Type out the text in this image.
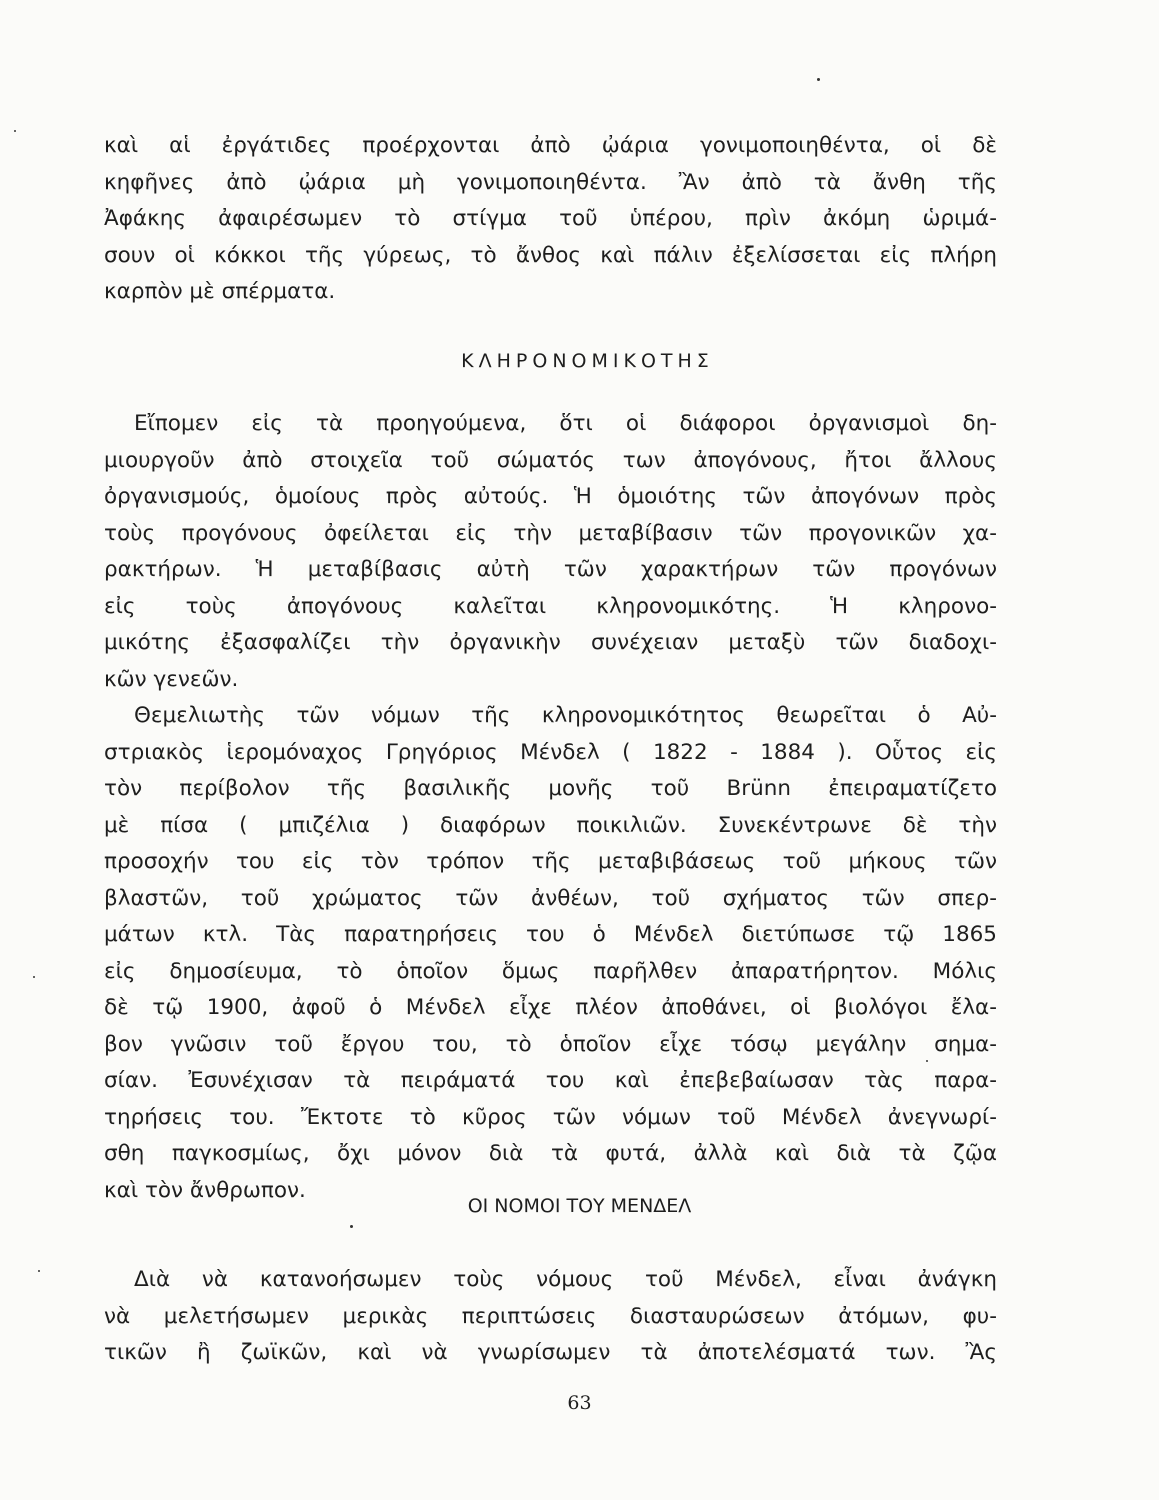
καὶ αἱ ἐργάτιδες προέρχονται ἀπὸ ᾠάρια γονιμοποιηθέντα, οἱ δὲ
κηφῆνες ἀπὸ ᾠάρια μὴ γονιμοποιηθέντα. Ἂν ἀπὸ τὰ ἄνθη τῆς
Ἀφάκης ἀφαιρέσωμεν τὸ στίγμα τοῦ ὑπέρου, πρὶν ἀκόμη ὡριμά-
σουν οἱ κόκκοι τῆς γύρεως, τὸ ἄνθος καὶ πάλιν ἐξελίσσεται εἰς πλήρη
καρπὸν μὲ σπέρματα.
ΚΛΗΡΟΝΟΜΙΚΟΤΗΣ
Εἴπομεν εἰς τὰ προηγούμενα, ὅτι οἱ διάφοροι ὀργανισμοὶ δη-
μιουργοῦν ἀπὸ στοιχεῖα τοῦ σώματός των ἀπογόνους, ἤτοι ἄλλους
ὀργανισμούς, ὁμοίους πρὸς αὐτούς. Ἡ ὁμοιότης τῶν ἀπογόνων πρὸς
τοὺς προγόνους ὀφείλεται εἰς τὴν μεταβίβασιν τῶν προγονικῶν χα-
ρακτήρων. Ἡ μεταβίβασις αὐτὴ τῶν χαρακτήρων τῶν προγόνων
εἰς τοὺς ἀπογόνους καλεῖται κληρονομικότης. Ἡ κληρονο-
μικότης ἐξασφαλίζει τὴν ὀργανικὴν συνέχειαν μεταξὺ τῶν διαδοχι-
κῶν γενεῶν.
Θεμελιωτὴς τῶν νόμων τῆς κληρονομικότητος θεωρεῖται ὁ Αὐ-
στριακὸς ἱερομόναχος Γρηγόριος Μένδελ ( 1822 - 1884 ). Οὗτος εἰς
τὸν περίβολον τῆς βασιλικῆς μονῆς τοῦ Brünn ἐπειραματίζετο
μὲ πίσα ( μπιζέλια ) διαφόρων ποικιλιῶν. Συνεκέντρωνε δὲ τὴν
προσοχήν του εἰς τὸν τρόπον τῆς μεταβιβάσεως τοῦ μήκους τῶν
βλαστῶν, τοῦ χρώματος τῶν ἀνθέων, τοῦ σχήματος τῶν σπερ-
μάτων κτλ. Τὰς παρατηρήσεις του ὁ Μένδελ διετύπωσε τῷ 1865
εἰς δημοσίευμα, τὸ ὁποῖον ὅμως παρῆλθεν ἀπαρατήρητον. Μόλις
δὲ τῷ 1900, ἀφοῦ ὁ Μένδελ εἶχε πλέον ἀποθάνει, οἱ βιολόγοι ἔλα-
βον γνῶσιν τοῦ ἔργου του, τὸ ὁποῖον εἶχε τόσῳ μεγάλην σημα-
σίαν. Ἐσυνέχισαν τὰ πειράματά του καὶ ἐπεβεβαίωσαν τὰς παρα-
τηρήσεις του. Ἔκτοτε τὸ κῦρος τῶν νόμων τοῦ Μένδελ ἀνεγνωρί-
σθη παγκοσμίως, ὄχι μόνον διὰ τὰ φυτά, ἀλλὰ καὶ διὰ τὰ ζῷα
καὶ τὸν ἄνθρωπον.
ΟΙ ΝΟΜΟΙ ΤΟΥ ΜΕΝΔΕΛ
Διὰ νὰ κατανοήσωμεν τοὺς νόμους τοῦ Μένδελ, εἶναι ἀνάγκη
νὰ μελετήσωμεν μερικὰς περιπτώσεις διασταυρώσεων ἀτόμων, φυ-
τικῶν ἢ ζωϊκῶν, καὶ νὰ γνωρίσωμεν τὰ ἀποτελέσματά των. Ἂς
63
